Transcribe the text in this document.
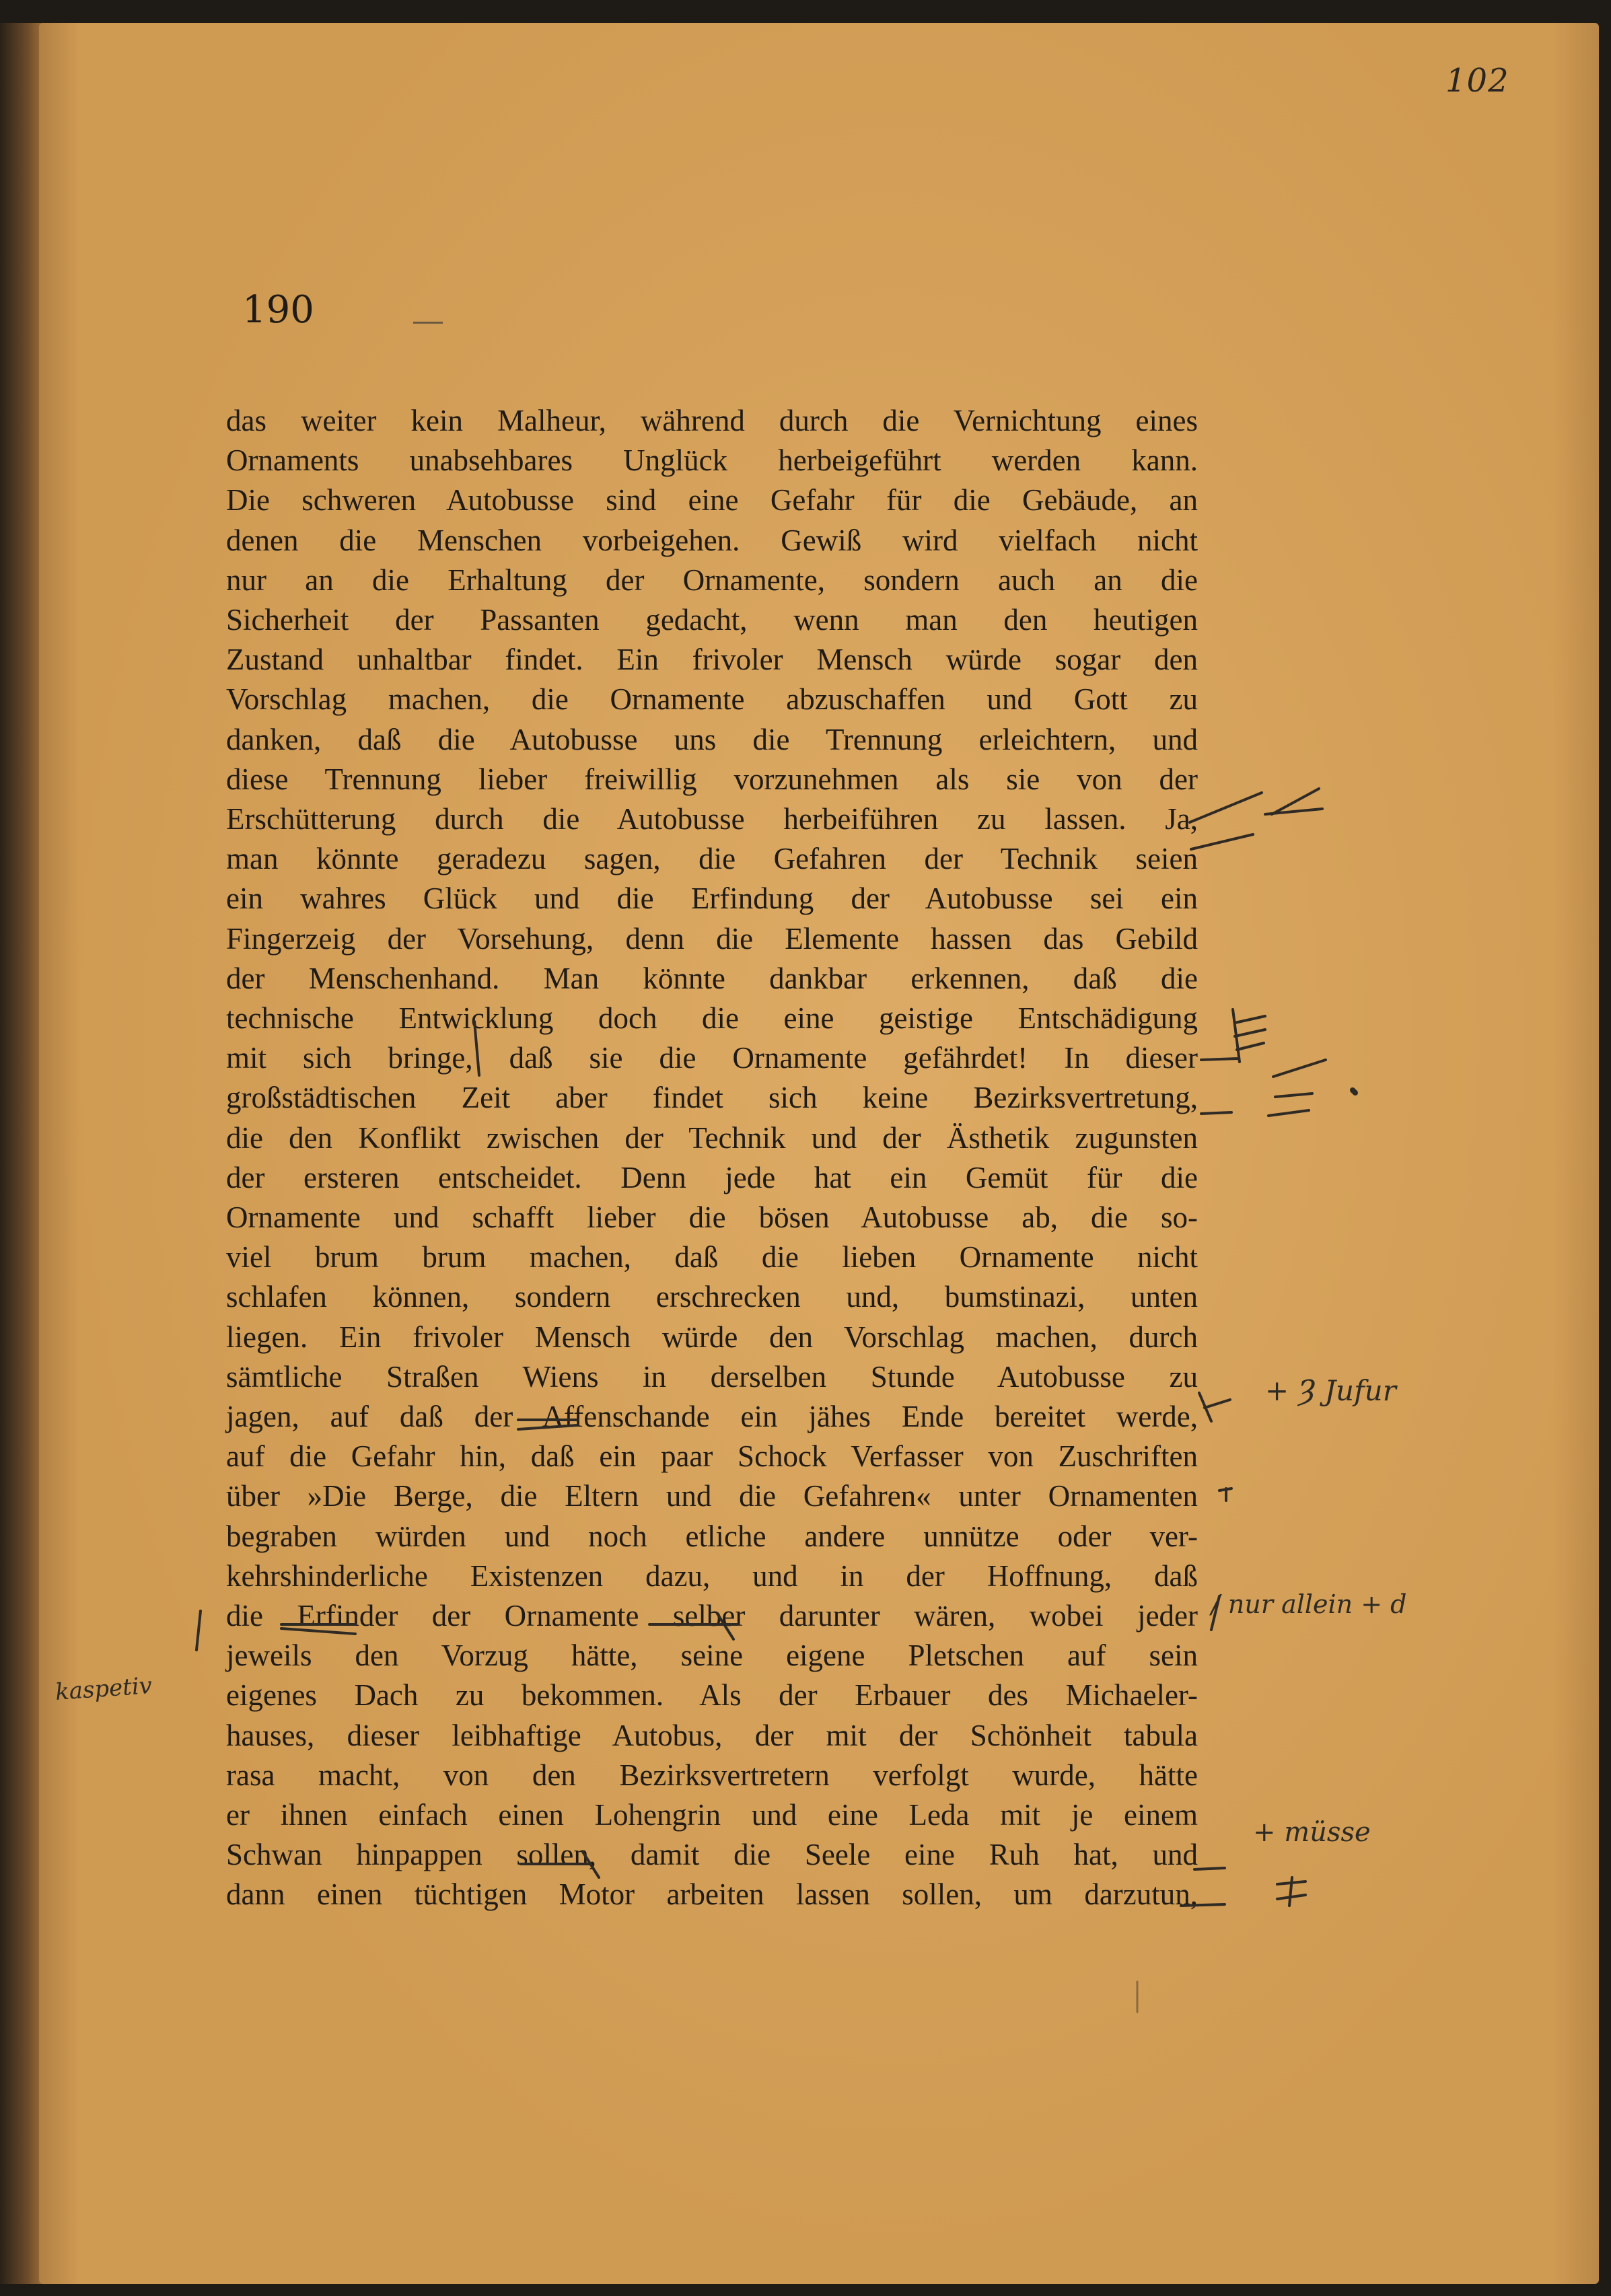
102
190
das weiter kein Malheur, während durch die Vernichtung eines
Ornaments unabsehbares Unglück herbeigeführt werden kann.
Die schweren Autobusse sind eine Gefahr für die Gebäude, an
denen die Menschen vorbeigehen. Gewiß wird vielfach nicht
nur an die Erhaltung der Ornamente, sondern auch an die
Sicherheit der Passanten gedacht, wenn man den heutigen
Zustand unhaltbar findet. Ein frivoler Mensch würde sogar den
Vorschlag machen, die Ornamente abzuschaffen und Gott zu
danken, daß die Autobusse uns die Trennung erleichtern, und
diese Trennung lieber freiwillig vorzunehmen als sie von der
Erschütterung durch die Autobusse herbeiführen zu lassen. Ja,
man könnte geradezu sagen, die Gefahren der Technik seien
ein wahres Glück und die Erfindung der Autobusse sei ein
Fingerzeig der Vorsehung, denn die Elemente hassen das Gebild
der Menschenhand. Man könnte dankbar erkennen, daß die
technische Entwicklung doch die eine geistige Entschädigung
mit sich bringe, daß sie die Ornamente gefährdet! In dieser
großstädtischen Zeit aber findet sich keine Bezirksvertretung,
die den Konflikt zwischen der Technik und der Ästhetik zugunsten
der ersteren entscheidet. Denn jede hat ein Gemüt für die
Ornamente und schafft lieber die bösen Autobusse ab, die so-
viel brum brum machen, daß die lieben Ornamente nicht
schlafen können, sondern erschrecken und, bumstinazi, unten
liegen. Ein frivoler Mensch würde den Vorschlag machen, durch
sämtliche Straßen Wiens in derselben Stunde Autobusse zu
jagen, auf daß der Affenschande ein jähes Ende bereitet werde,
auf die Gefahr hin, daß ein paar Schock Verfasser von Zuschriften
über »Die Berge, die Eltern und die Gefahren« unter Ornamenten
begraben würden und noch etliche andere unnütze oder ver-
kehrshinderliche Existenzen dazu, und in der Hoffnung, daß
die Erfinder der Ornamente selber darunter wären, wobei jeder
jeweils den Vorzug hätte, seine eigene Pletschen auf sein
eigenes Dach zu bekommen. Als der Erbauer des Michaeler-
hauses, dieser leibhaftige Autobus, der mit der Schönheit tabula
rasa macht, von den Bezirksvertretern verfolgt wurde, hätte
er ihnen einfach einen Lohengrin und eine Leda mit je einem
Schwan hinpappen sollen, damit die Seele eine Ruh hat, und
dann einen tüchtigen Motor arbeiten lassen sollen, um darzutun,
+ Ȝ Jufur
/ nur allein + d
+ müsse
kaspetiv
